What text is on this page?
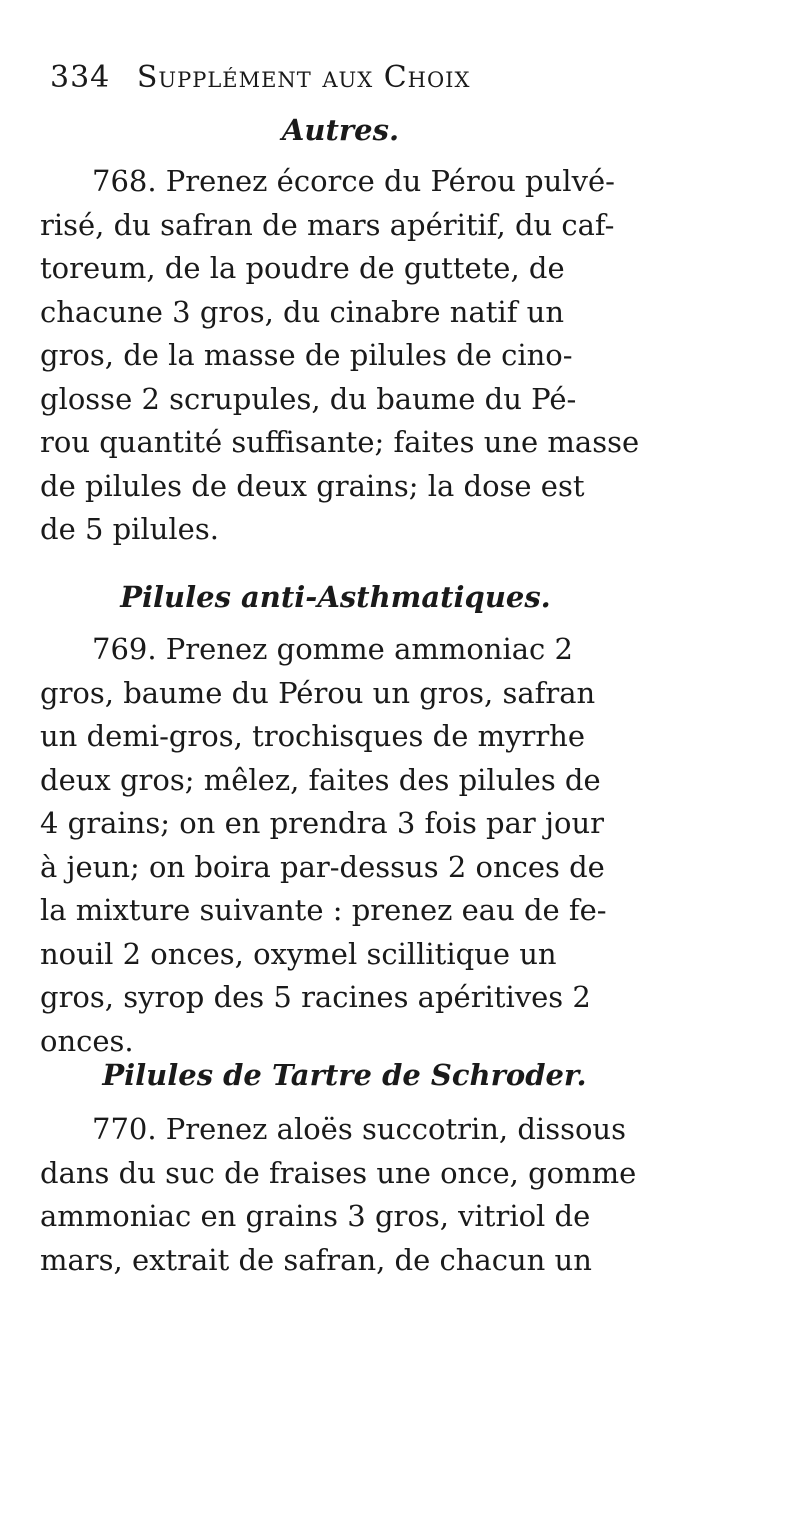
334 Supplément aux Choix
Autres.

768. Prenez écorce du Pérou pulvé-
risé, du safran de mars apéritif, du caf-
toreum, de la poudre de guttete, de
chacune 3 gros, du cinabre natif un
gros, de la masse de pilules de cino-
glosse 2 scrupules, du baume du Pé-
rou quantité suffisante; faites une masse
de pilules de deux grains; la dose est
de 5 pilules.

Pilules anti-Asthmatiques.

769. Prenez gomme ammoniac 2
gros, baume du Pérou un gros, safran
un demi-gros, trochisques de myrrhe
deux gros; mêlez, faites des pilules de
4 grains; on en prendra 3 fois par jour
à jeun; on boira par-dessus 2 onces de
la mixture suivante : prenez eau de fe-
nouil 2 onces, oxymel scillitique un
gros, syrop des 5 racines apéritives 2
onces.

Pilules de Tartre de Schroder.

770. Prenez aloës succotrin, dissous
dans du suc de fraises une once, gomme
ammoniac en grains 3 gros, vitriol de
mars, extrait de safran, de chacun un
